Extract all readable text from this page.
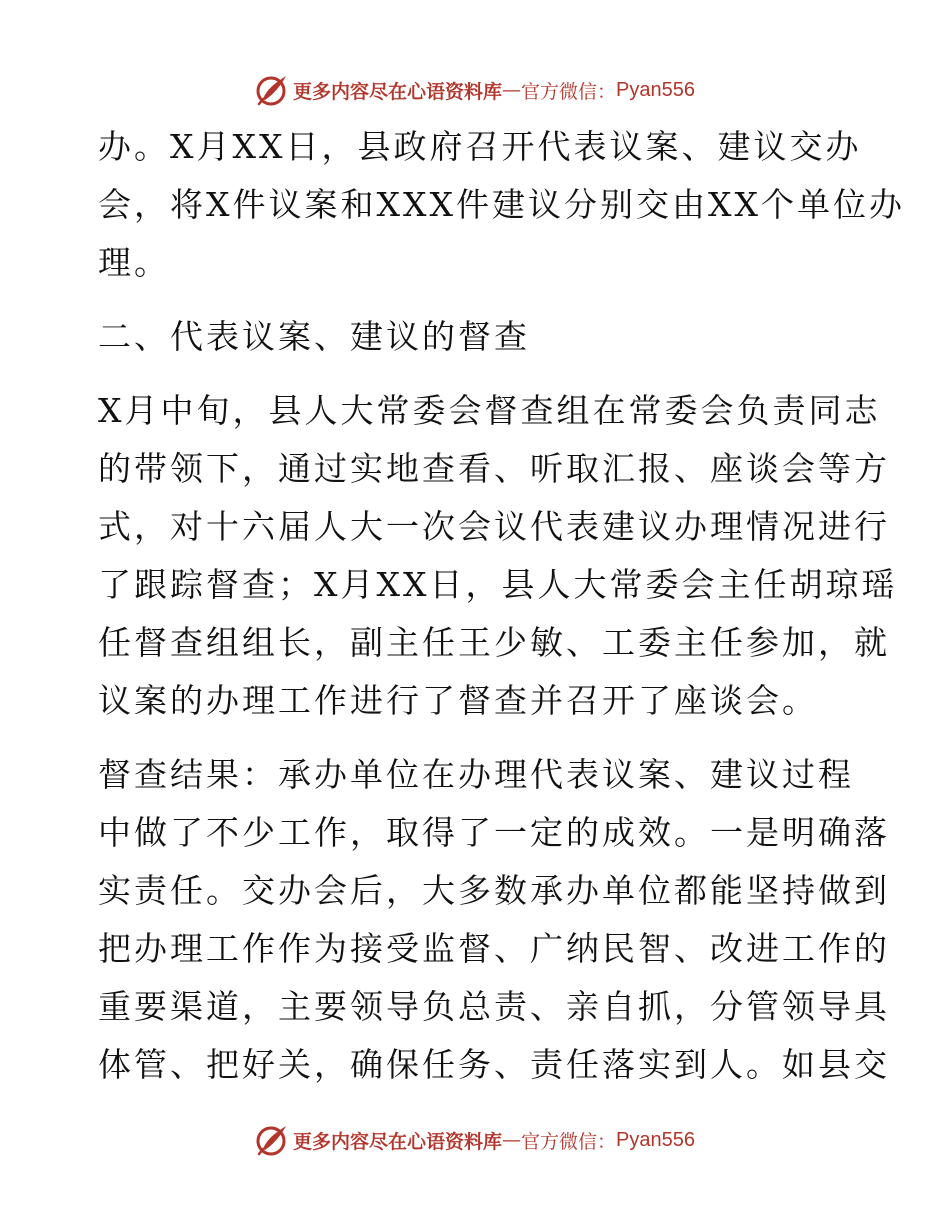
更多内容尽在心语资料库 — 官方微信： Pyan556

办。X月XX日，县政府召开代表议案、建议交办
会，将X件议案和XXX件建议分别交由XX个单位办
理。

二、代表议案、建议的督查

X月中旬，县人大常委会督查组在常委会负责同志
的带领下，通过实地查看、听取汇报、座谈会等方
式，对十六届人大一次会议代表建议办理情况进行
了跟踪督查；X月XX日，县人大常委会主任胡琼瑶
任督查组组长，副主任王少敏、工委主任参加，就
议案的办理工作进行了督查并召开了座谈会。

督查结果：承办单位在办理代表议案、建议过程
中做了不少工作，取得了一定的成效。一是明确落
实责任。交办会后，大多数承办单位都能坚持做到
把办理工作作为接受监督、广纳民智、改进工作的
重要渠道，主要领导负总责、亲自抓，分管领导具
体管、把好关，确保任务、责任落实到人。如县交

更多内容尽在心语资料库 — 官方微信： Pyan556
